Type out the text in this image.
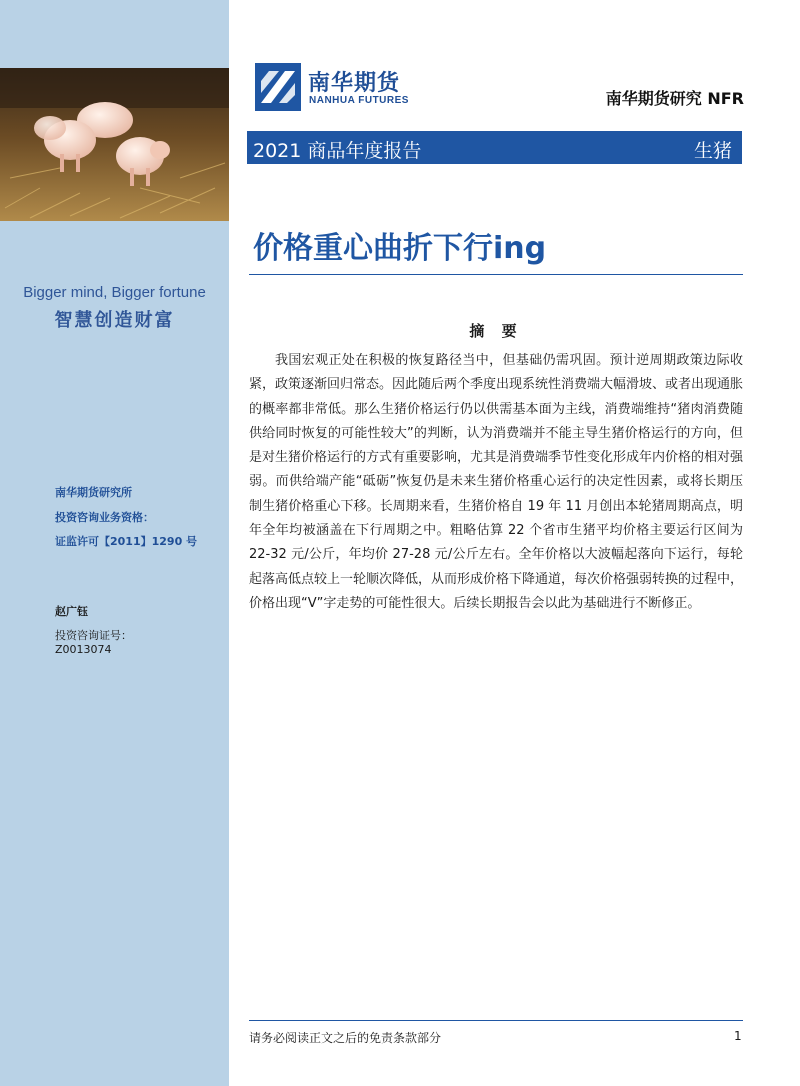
Bigger mind, Bigger fortune
智慧创造财富
南华期货研究所
投资咨询业务资格：
证监许可【2011】1290 号
赵广钰
投资咨询证号：
Z0013074
南华期货
NANHUA FUTURES	南华期货研究 NFR
2021 商品年度报告	生猪
价格重心曲折下行ing
摘 要
我国宏观正处在积极的恢复路径当中，但基础仍需巩固。预计逆周期政策边际收紧，政策逐渐回归常态。因此随后两个季度出现系统性消费端大幅滑坡、或者出现通胀的概率都非常低。那么生猪价格运行仍以供需基本面为主线，消费端维持“猪肉消费随供给同时恢复的可能性较大”的判断，认为消费端并不能主导生猪价格运行的方向，但是对生猪价格运行的方式有重要影响，尤其是消费端季节性变化形成年内价格的相对强弱。而供给端产能“砥砺”恢复仍是未来生猪价格重心运行的决定性因素，或将长期压制生猪价格重心下移。长周期来看，生猪价格自 19 年 11 月创出本轮猪周期高点，明年全年均被涵盖在下行周期之中。粗略估算 22 个省市生猪平均价格主要运行区间为 22-32 元/公斤，年均价 27-28 元/公斤左右。全年价格以大波幅起落向下运行，每轮起落高低点较上一轮顺次降低，从而形成价格下降通道，每次价格强弱转换的过程中，价格出现“V”字走势的可能性很大。后续长期报告会以此为基础进行不断修正。
请务必阅读正文之后的免责条款部分	1
